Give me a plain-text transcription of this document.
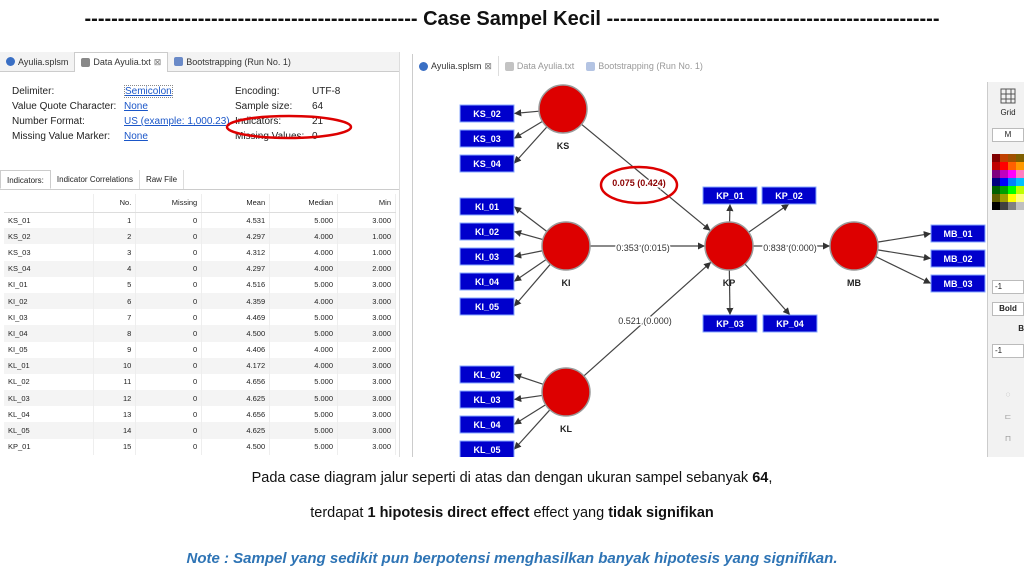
-------------------------------------------------- Case Sampel Kecil --------------------------------------------------
Ayulia.splsm	Data Ayulia.txt ⊠	Bootstrapping (Run No. 1)
Delimiter:	Semicolon
Value Quote Character: None
Number Format:	US (example: 1,000.23)
Missing Value Marker: None
Encoding:	UTF-8
Sample size: 64
Indicators:	21
Missing Values: 0
Indicators:	Indicator Correlations	Raw File
	No.	Missing	Mean	Median	Min
KS_01	1	0	4.531	5.000	3.000
KS_02	2	0	4.297	4.000	1.000
KS_03	3	0	4.312	4.000	1.000
KS_04	4	0	4.297	4.000	2.000
KI_01	5	0	4.516	5.000	3.000
KI_02	6	0	4.359	4.000	3.000
KI_03	7	0	4.469	5.000	3.000
KI_04	8	0	4.500	5.000	3.000
KI_05	9	0	4.406	4.000	2.000
KL_01	10	0	4.172	4.000	3.000
KL_02	11	0	4.656	5.000	3.000
KL_03	12	0	4.625	5.000	3.000
KL_04	13	0	4.656	5.000	3.000
KL_05	14	0	4.625	5.000	3.000
KP_01	15	0	4.500	5.000	3.000
Ayulia.splsm ⊠	Data Ayulia.txt	Bootstrapping (Run No. 1)
KS_02
KS_03
KS_04
KI_01
KI_02
KI_03
KI_04
KI_05
KL_02
KL_03
KL_04
KL_05
KP_01	KP_02
KP_03	KP_04
MB_01
MB_02
MB_03
KS
KI
KL
KP	MB
0.075 (0.424)
0.353 (0.015)
0.521 (0.000)
0.838 (0.000)
Grid
M
-1
Bold
B
-1
◌
⊏
⊓
Pada case diagram jalur seperti di atas dan dengan ukuran sampel sebanyak 64,
terdapat 1 hipotesis direct effect effect yang tidak signifikan
Note : Sampel yang sedikit pun berpotensi menghasilkan banyak hipotesis yang signifikan.
